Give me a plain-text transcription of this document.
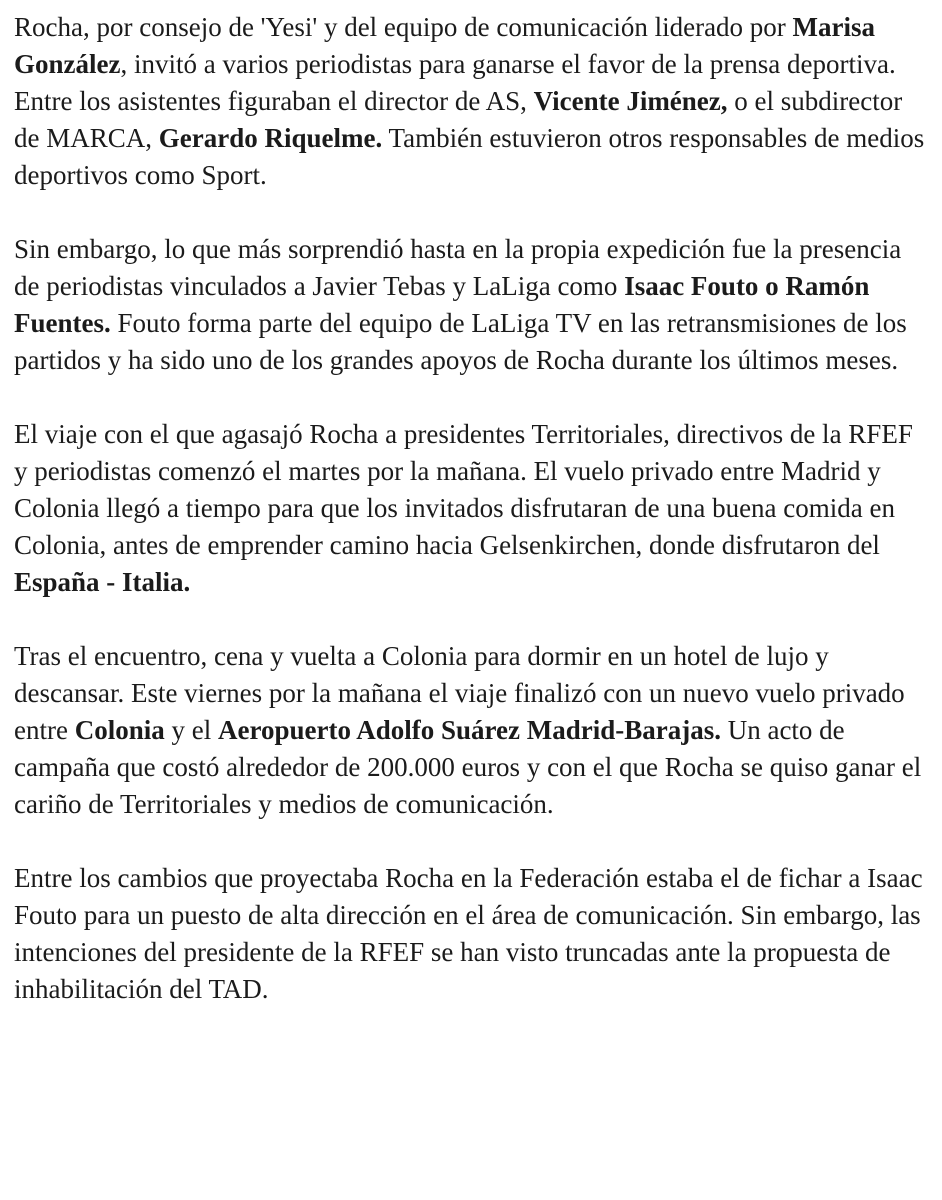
Rocha, por consejo de 'Yesi' y del equipo de comunicación liderado por Marisa González, invitó a varios periodistas para ganarse el favor de la prensa deportiva. Entre los asistentes figuraban el director de AS, Vicente Jiménez, o el subdirector de MARCA, Gerardo Riquelme. También estuvieron otros responsables de medios deportivos como Sport.

Sin embargo, lo que más sorprendió hasta en la propia expedición fue la presencia de periodistas vinculados a Javier Tebas y LaLiga como Isaac Fouto o Ramón Fuentes. Fouto forma parte del equipo de LaLiga TV en las retransmisiones de los partidos y ha sido uno de los grandes apoyos de Rocha durante los últimos meses.

El viaje con el que agasajó Rocha a presidentes Territoriales, directivos de la RFEF y periodistas comenzó el martes por la mañana. El vuelo privado entre Madrid y Colonia llegó a tiempo para que los invitados disfrutaran de una buena comida en Colonia, antes de emprender camino hacia Gelsenkirchen, donde disfrutaron del España - Italia.

Tras el encuentro, cena y vuelta a Colonia para dormir en un hotel de lujo y descansar. Este viernes por la mañana el viaje finalizó con un nuevo vuelo privado entre Colonia y el Aeropuerto Adolfo Suárez Madrid-Barajas. Un acto de campaña que costó alrededor de 200.000 euros y con el que Rocha se quiso ganar el cariño de Territoriales y medios de comunicación.

Entre los cambios que proyectaba Rocha en la Federación estaba el de fichar a Isaac Fouto para un puesto de alta dirección en el área de comunicación. Sin embargo, las intenciones del presidente de la RFEF se han visto truncadas ante la propuesta de inhabilitación del TAD.
